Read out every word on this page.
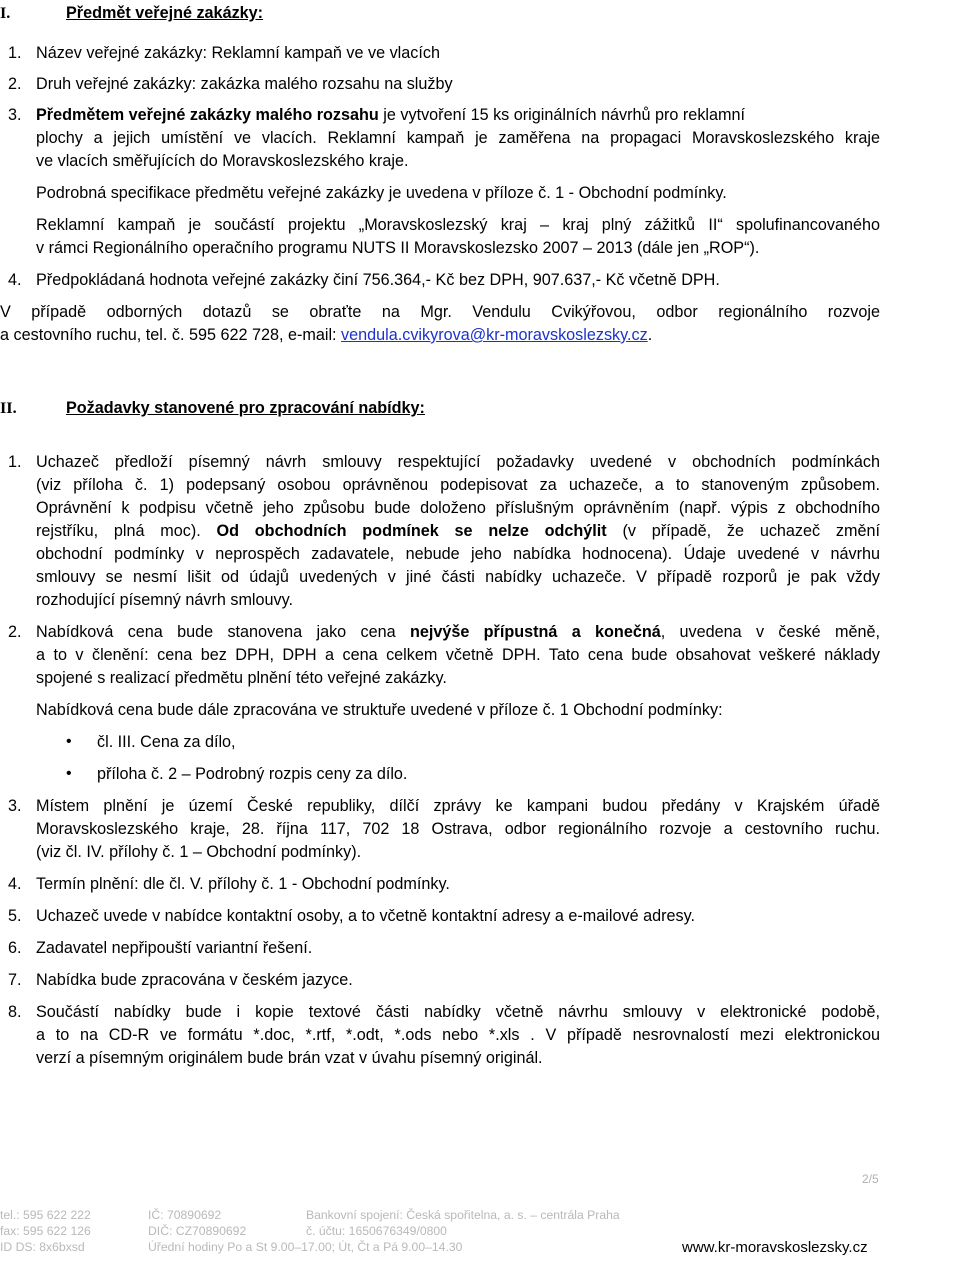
I.	Předmět veřejné zakázky:
1. Název veřejné zakázky: Reklamní kampaň ve ve vlacích
2. Druh veřejné zakázky: zakázka malého rozsahu na služby
3. Předmětem veřejné zakázky malého rozsahu je vytvoření 15 ks originálních návrhů pro reklamní
plochy a jejich umístění ve vlacích. Reklamní kampaň je zaměřena na propagaci Moravskoslezského kraje
ve vlacích směřujících do Moravskoslezského kraje.
Podrobná specifikace předmětu veřejné zakázky je uvedena v příloze č. 1 - Obchodní podmínky.
Reklamní kampaň je součástí projektu „Moravskoslezský kraj – kraj plný zážitků II“ spolufinancovaného
v rámci Regionálního operačního programu NUTS II Moravskoslezsko 2007 – 2013 (dále jen „ROP“).
4. Předpokládaná hodnota veřejné zakázky činí 756.364,- Kč bez DPH, 907.637,- Kč včetně DPH.
V případě odborných dotazů se obraťte na Mgr. Vendulu Cvikýřovou, odbor regionálního rozvoje
a cestovního ruchu, tel. č. 595 622 728, e-mail: vendula.cvikyrova@kr-moravskoslezsky.cz.
II.	Požadavky stanovené pro zpracování nabídky:
1. Uchazeč předloží písemný návrh smlouvy respektující požadavky uvedené v obchodních podmínkách
(viz příloha č. 1) podepsaný osobou oprávněnou podepisovat za uchazeče, a to stanoveným způsobem.
Oprávnění k podpisu včetně jeho způsobu bude doloženo příslušným oprávněním (např. výpis z obchodního
rejstříku, plná moc). Od obchodních podmínek se nelze odchýlit (v případě, že uchazeč změní
obchodní podmínky v neprospěch zadavatele, nebude jeho nabídka hodnocena). Údaje uvedené v návrhu
smlouvy se nesmí lišit od údajů uvedených v jiné části nabídky uchazeče. V případě rozporů je pak vždy
rozhodující písemný návrh smlouvy.
2. Nabídková cena bude stanovena jako cena nejvýše přípustná a konečná, uvedena v české měně,
a to v členění: cena bez DPH, DPH a cena celkem včetně DPH. Tato cena bude obsahovat veškeré náklady
spojené s realizací předmětu plnění této veřejné zakázky.
Nabídková cena bude dále zpracována ve struktuře uvedené v příloze č. 1 Obchodní podmínky:
• čl. III. Cena za dílo,
• příloha č. 2 – Podrobný rozpis ceny za dílo.
3. Místem plnění je území České republiky, dílčí zprávy ke kampani budou předány v Krajském úřadě
Moravskoslezského kraje, 28. října 117, 702 18 Ostrava, odbor regionálního rozvoje a cestovního ruchu.
(viz čl. IV. přílohy č. 1 – Obchodní podmínky).
4. Termín plnění: dle čl. V. přílohy č. 1 - Obchodní podmínky.
5. Uchazeč uvede v nabídce kontaktní osoby, a to včetně kontaktní adresy a e-mailové adresy.
6. Zadavatel nepřipouští variantní řešení.
7. Nabídka bude zpracována v českém jazyce.
8. Součástí nabídky bude i kopie textové části nabídky včetně návrhu smlouvy v elektronické podobě,
a to na CD-R ve formátu *.doc, *.rtf, *.odt, *.ods nebo *.xls . V případě nesrovnalostí mezi elektronickou
verzí a písemným originálem bude brán vzat v úvahu písemný originál.
2/5
tel.: 595 622 222
fax: 595 622 126
ID DS: 8x6bxsd
IČ: 70890692
DIČ: CZ70890692
Úřední hodiny Po a St 9.00–17.00; Út, Čt a Pá 9.00–14.30
Bankovní spojení: Česká spořitelna, a. s. – centrála Praha
č. účtu: 1650676349/0800
www.kr-moravskoslezsky.cz
